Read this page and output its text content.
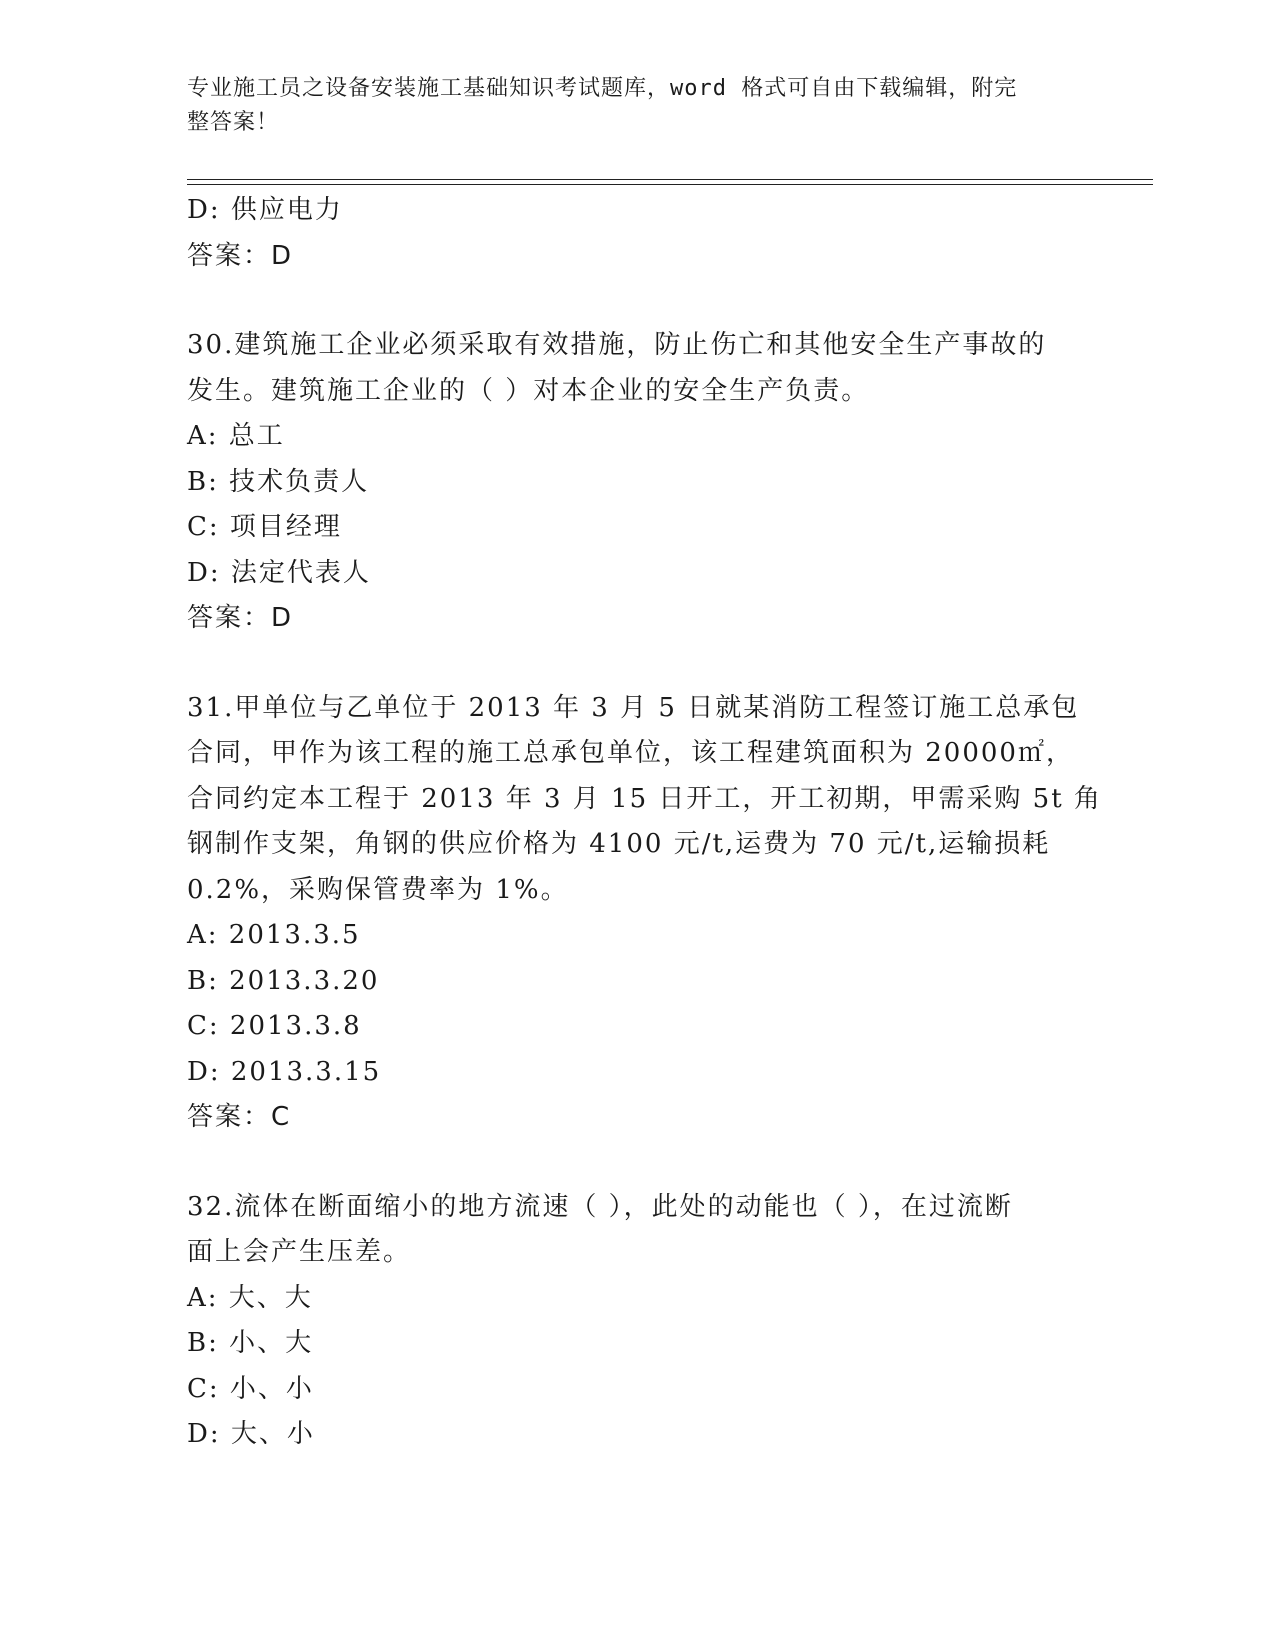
专业施工员之设备安装施工基础知识考试题库，word 格式可自由下载编辑，附完
整答案！
D: 供应电力
答案：D
30.建筑施工企业必须采取有效措施，防止伤亡和其他安全生产事故的
发生。建筑施工企业的（ ）对本企业的安全生产负责。
A: 总工
B: 技术负责人
C: 项目经理
D: 法定代表人
答案：D
31.甲单位与乙单位于 2013 年 3 月 5 日就某消防工程签订施工总承包
合同，甲作为该工程的施工总承包单位，该工程建筑面积为 20000㎡，
合同约定本工程于 2013 年 3 月 15 日开工，开工初期，甲需采购 5t 角
钢制作支架，角钢的供应价格为 4100 元/t,运费为 70 元/t,运输损耗
0.2%，采购保管费率为 1%。
A: 2013.3.5
B: 2013.3.20
C: 2013.3.8
D: 2013.3.15
答案：C
32.流体在断面缩小的地方流速（ ），此处的动能也（ ），在过流断
面上会产生压差。
A: 大、大
B: 小、大
C: 小、小
D: 大、小
